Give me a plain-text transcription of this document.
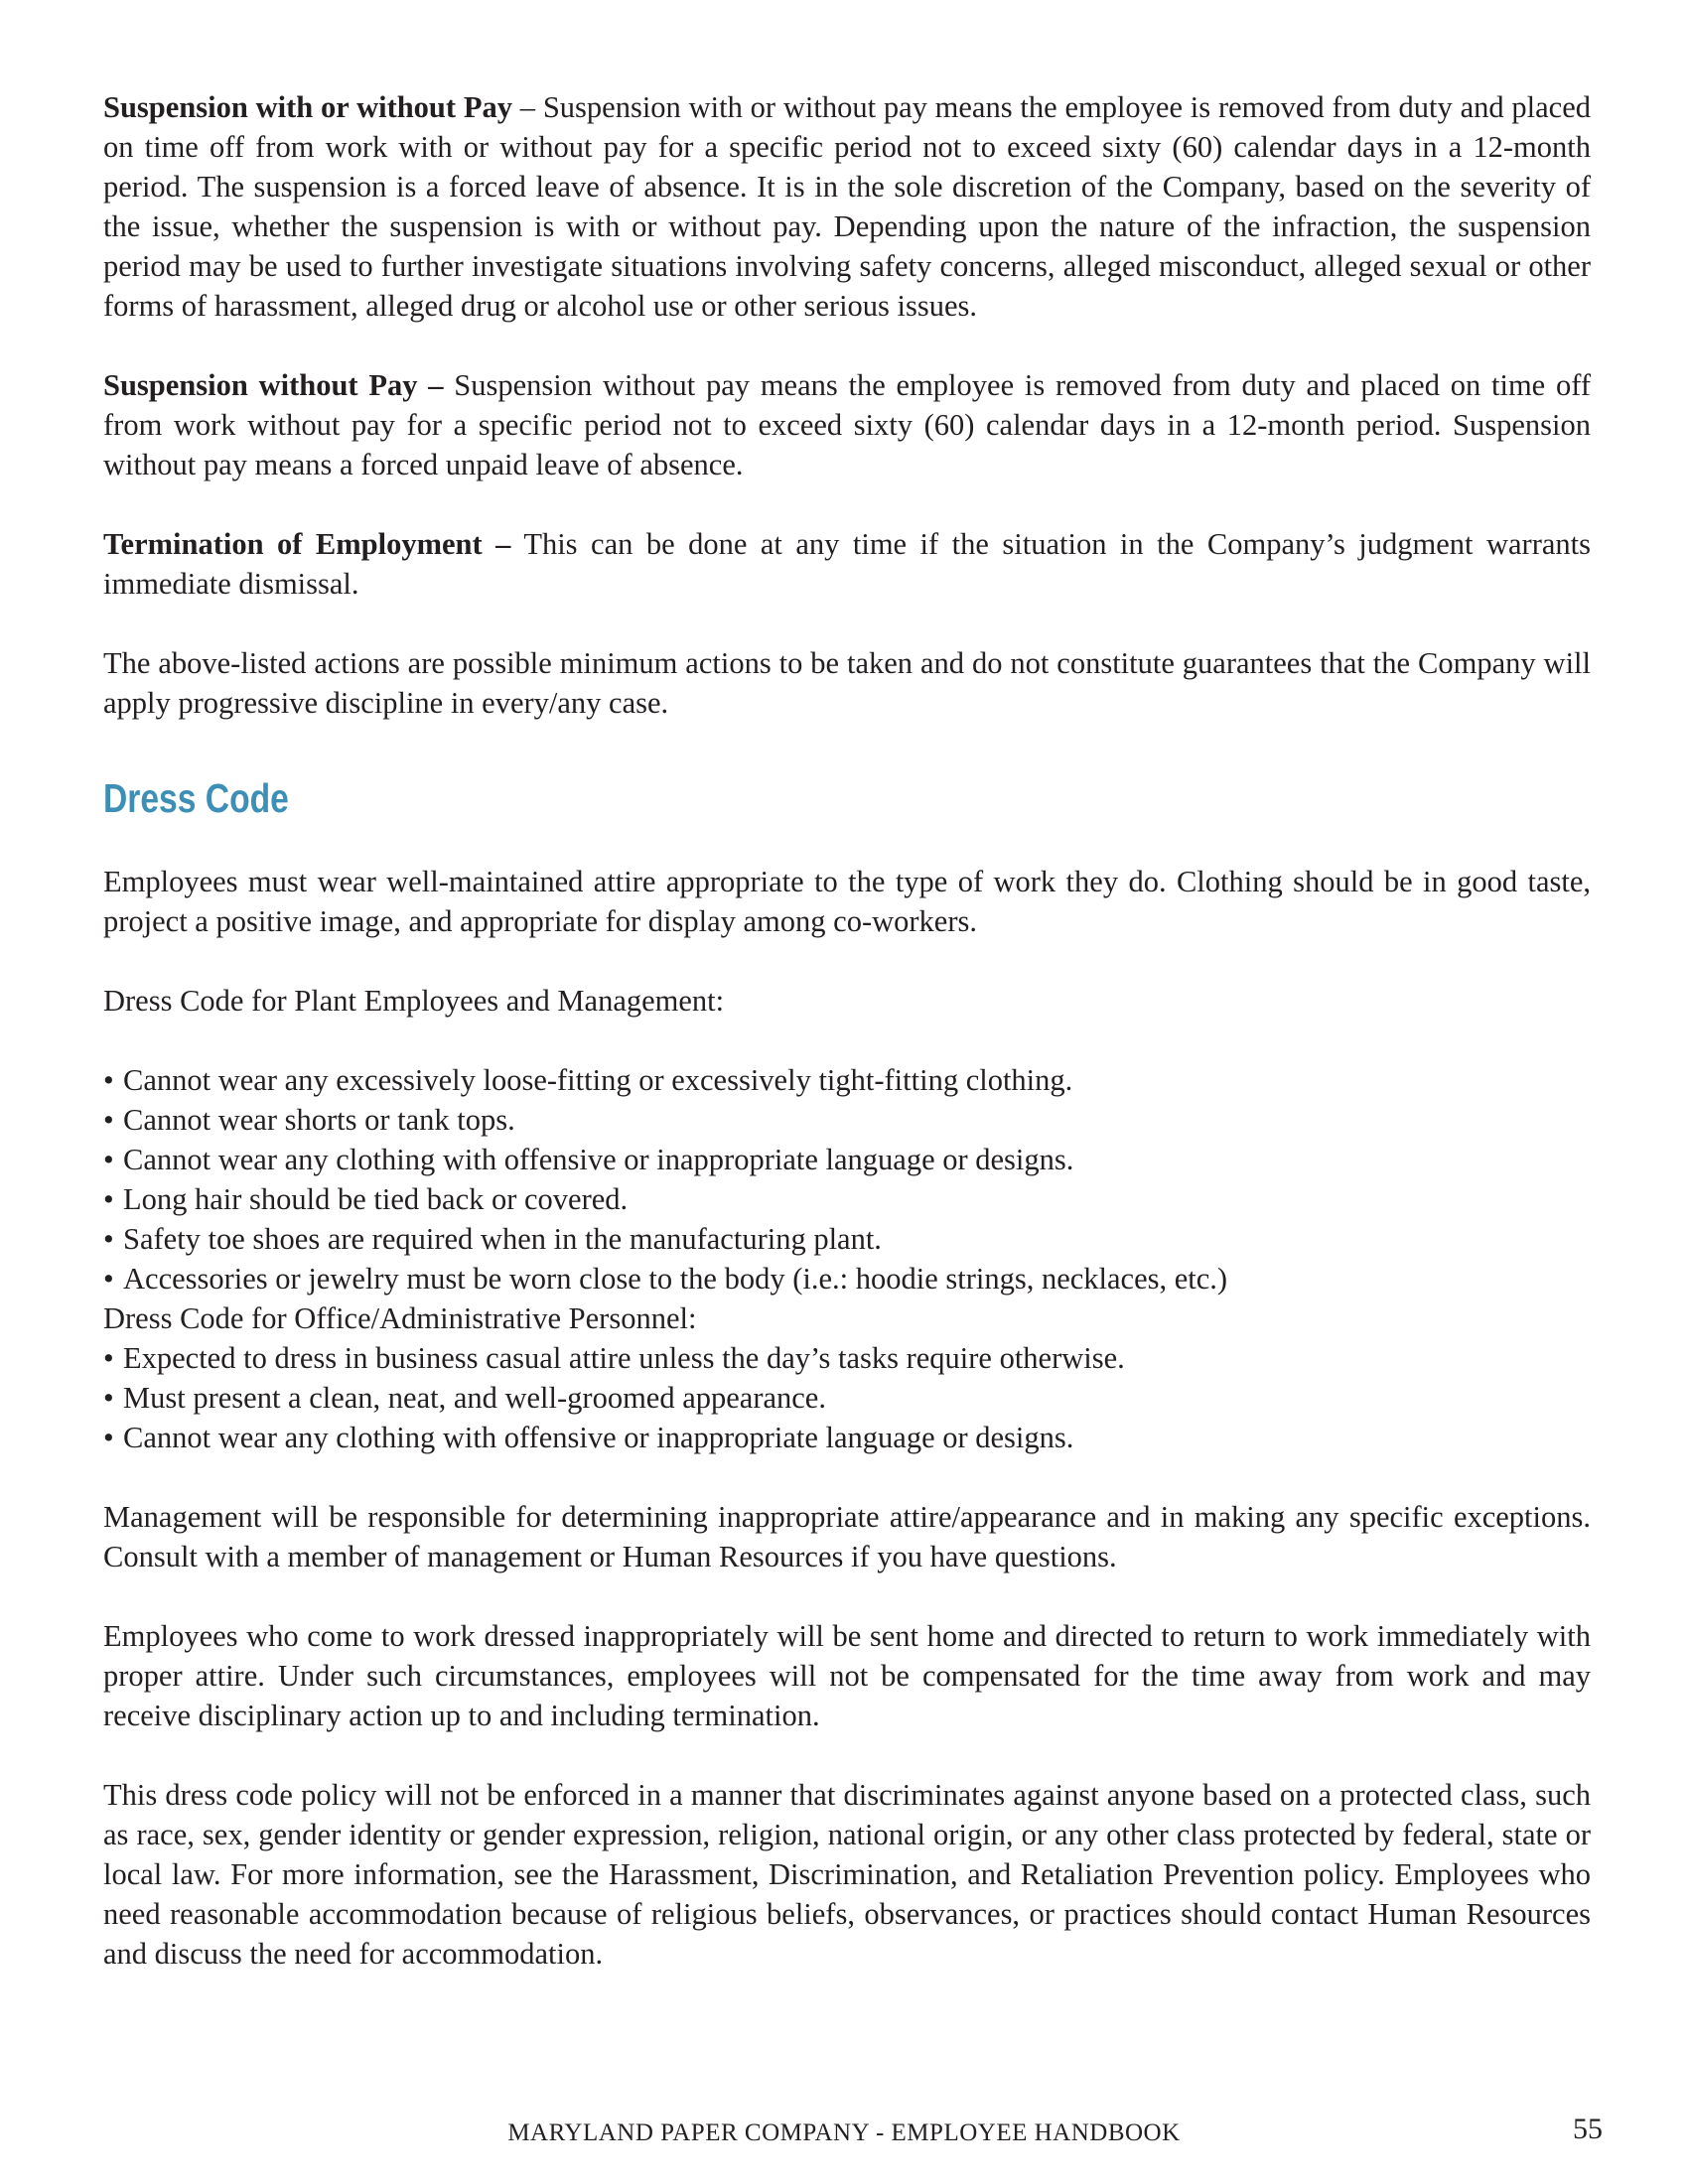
Suspension with or without Pay – Suspension with or without pay means the employee is removed from duty and placed on time off from work with or without pay for a specific period not to exceed sixty (60) calendar days in a 12-month period. The suspension is a forced leave of absence. It is in the sole discretion of the Company, based on the severity of the issue, whether the suspension is with or without pay. Depending upon the nature of the infraction, the suspension period may be used to further investigate situations involving safety concerns, alleged misconduct, alleged sexual or other forms of harassment, alleged drug or alcohol use or other serious issues.

Suspension without Pay – Suspension without pay means the employee is removed from duty and placed on time off from work without pay for a specific period not to exceed sixty (60) calendar days in a 12-month period. Suspension without pay means a forced unpaid leave of absence.

Termination of Employment – This can be done at any time if the situation in the Company’s judgment warrants immediate dismissal.

The above-listed actions are possible minimum actions to be taken and do not constitute guarantees that the Company will apply progressive discipline in every/any case.

Dress Code

Employees must wear well-maintained attire appropriate to the type of work they do. Clothing should be in good taste, project a positive image, and appropriate for display among co-workers.

Dress Code for Plant Employees and Management:

• Cannot wear any excessively loose-fitting or excessively tight-fitting clothing.
• Cannot wear shorts or tank tops.
• Cannot wear any clothing with offensive or inappropriate language or designs.
• Long hair should be tied back or covered.
• Safety toe shoes are required when in the manufacturing plant.
• Accessories or jewelry must be worn close to the body (i.e.: hoodie strings, necklaces, etc.)
Dress Code for Office/Administrative Personnel:
• Expected to dress in business casual attire unless the day’s tasks require otherwise.
• Must present a clean, neat, and well-groomed appearance.
• Cannot wear any clothing with offensive or inappropriate language or designs.

Management will be responsible for determining inappropriate attire/appearance and in making any specific exceptions. Consult with a member of management or Human Resources if you have questions.

Employees who come to work dressed inappropriately will be sent home and directed to return to work immediately with proper attire. Under such circumstances, employees will not be compensated for the time away from work and may receive disciplinary action up to and including termination.

This dress code policy will not be enforced in a manner that discriminates against anyone based on a protected class, such as race, sex, gender identity or gender expression, religion, national origin, or any other class protected by federal, state or local law. For more information, see the Harassment, Discrimination, and Retaliation Prevention policy. Employees who need reasonable accommodation because of religious beliefs, observances, or practices should contact Human Resources and discuss the need for accommodation.

MARYLAND PAPER COMPANY - EMPLOYEE HANDBOOK	55
